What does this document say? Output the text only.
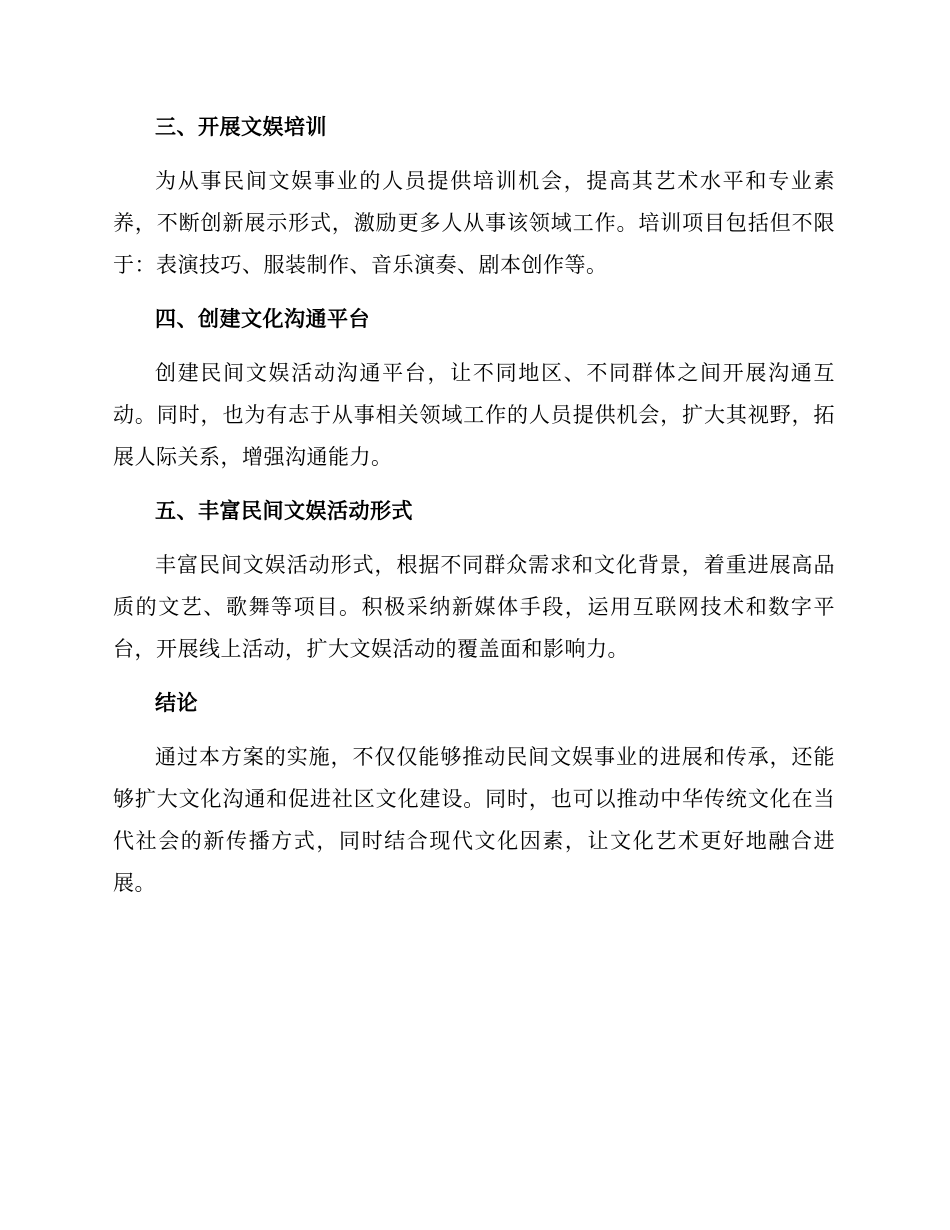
三、开展文娱培训

为从事民间文娱事业的人员提供培训机会，提高其艺术水平和专业素养，不断创新展示形式，激励更多人从事该领域工作。培训项目包括但不限于：表演技巧、服装制作、音乐演奏、剧本创作等。

四、创建文化沟通平台

创建民间文娱活动沟通平台，让不同地区、不同群体之间开展沟通互动。同时，也为有志于从事相关领域工作的人员提供机会，扩大其视野，拓展人际关系，增强沟通能力。

五、丰富民间文娱活动形式

丰富民间文娱活动形式，根据不同群众需求和文化背景，着重进展高品质的文艺、歌舞等项目。积极采纳新媒体手段，运用互联网技术和数字平台，开展线上活动，扩大文娱活动的覆盖面和影响力。

结论

通过本方案的实施，不仅仅能够推动民间文娱事业的进展和传承，还能够扩大文化沟通和促进社区文化建设。同时，也可以推动中华传统文化在当代社会的新传播方式，同时结合现代文化因素，让文化艺术更好地融合进展。
